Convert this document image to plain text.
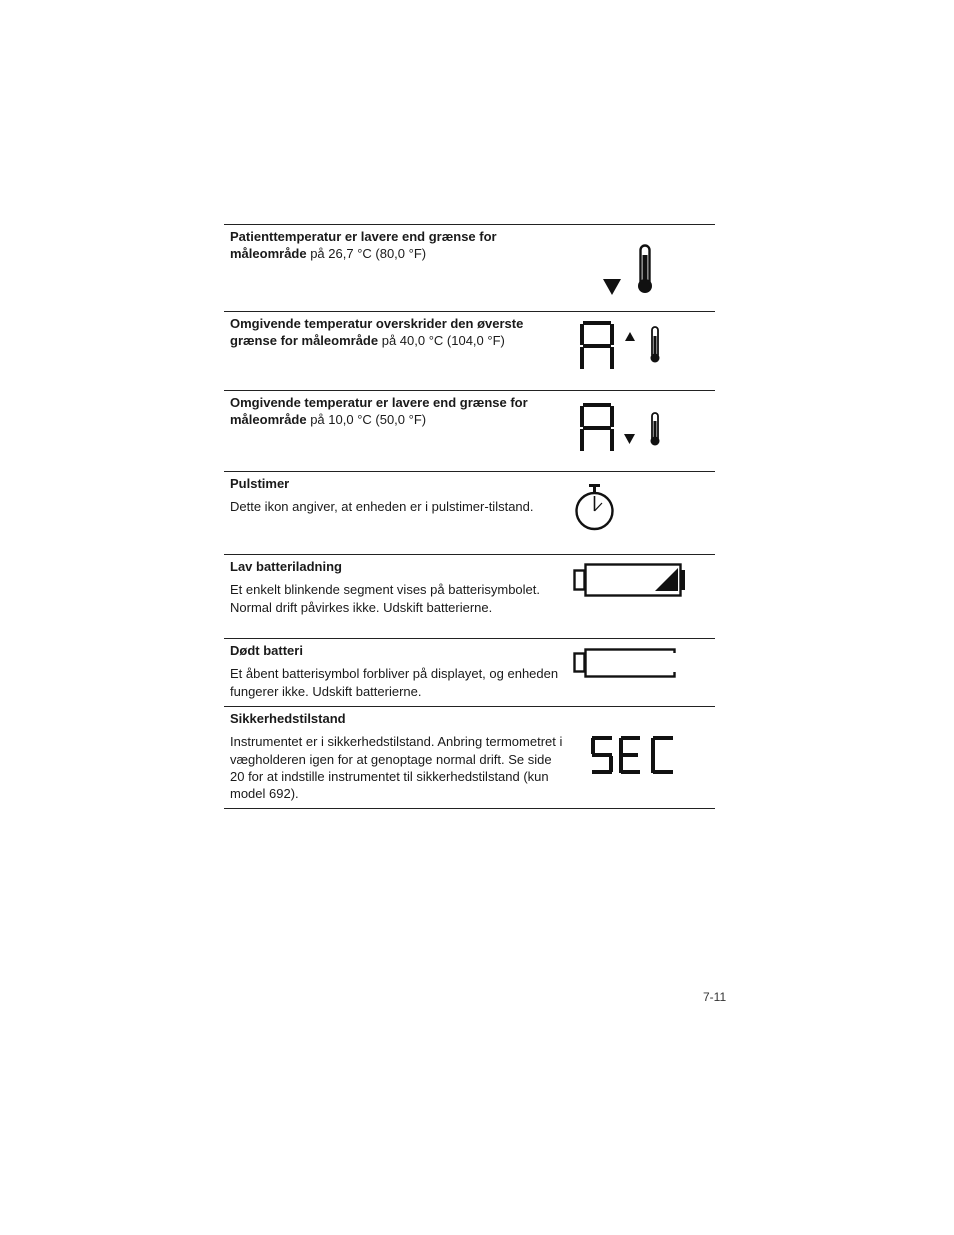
Patienttemperatur er lavere end grænse for måleområde på 26,7 °C (80,0 °F)
Omgivende temperatur overskrider den øverste grænse for måleområde på 40,0 °C (104,0 °F)
Omgivende temperatur er lavere end grænse for måleområde på 10,0 °C (50,0 °F)
Pulstimer
Dette ikon angiver, at enheden er i pulstimer-tilstand.
Lav batteriladning
Et enkelt blinkende segment vises på batterisymbolet. Normal drift påvirkes ikke. Udskift batterierne.
Dødt batteri
Et åbent batterisymbol forbliver på displayet, og enheden fungerer ikke. Udskift batterierne.
Sikkerhedstilstand
Instrumentet er i sikkerhedstilstand. Anbring termometret i vægholderen igen for at genoptage normal drift. Se side 20 for at indstille instrumentet til sikkerhedstilstand (kun model 692).
7-11
